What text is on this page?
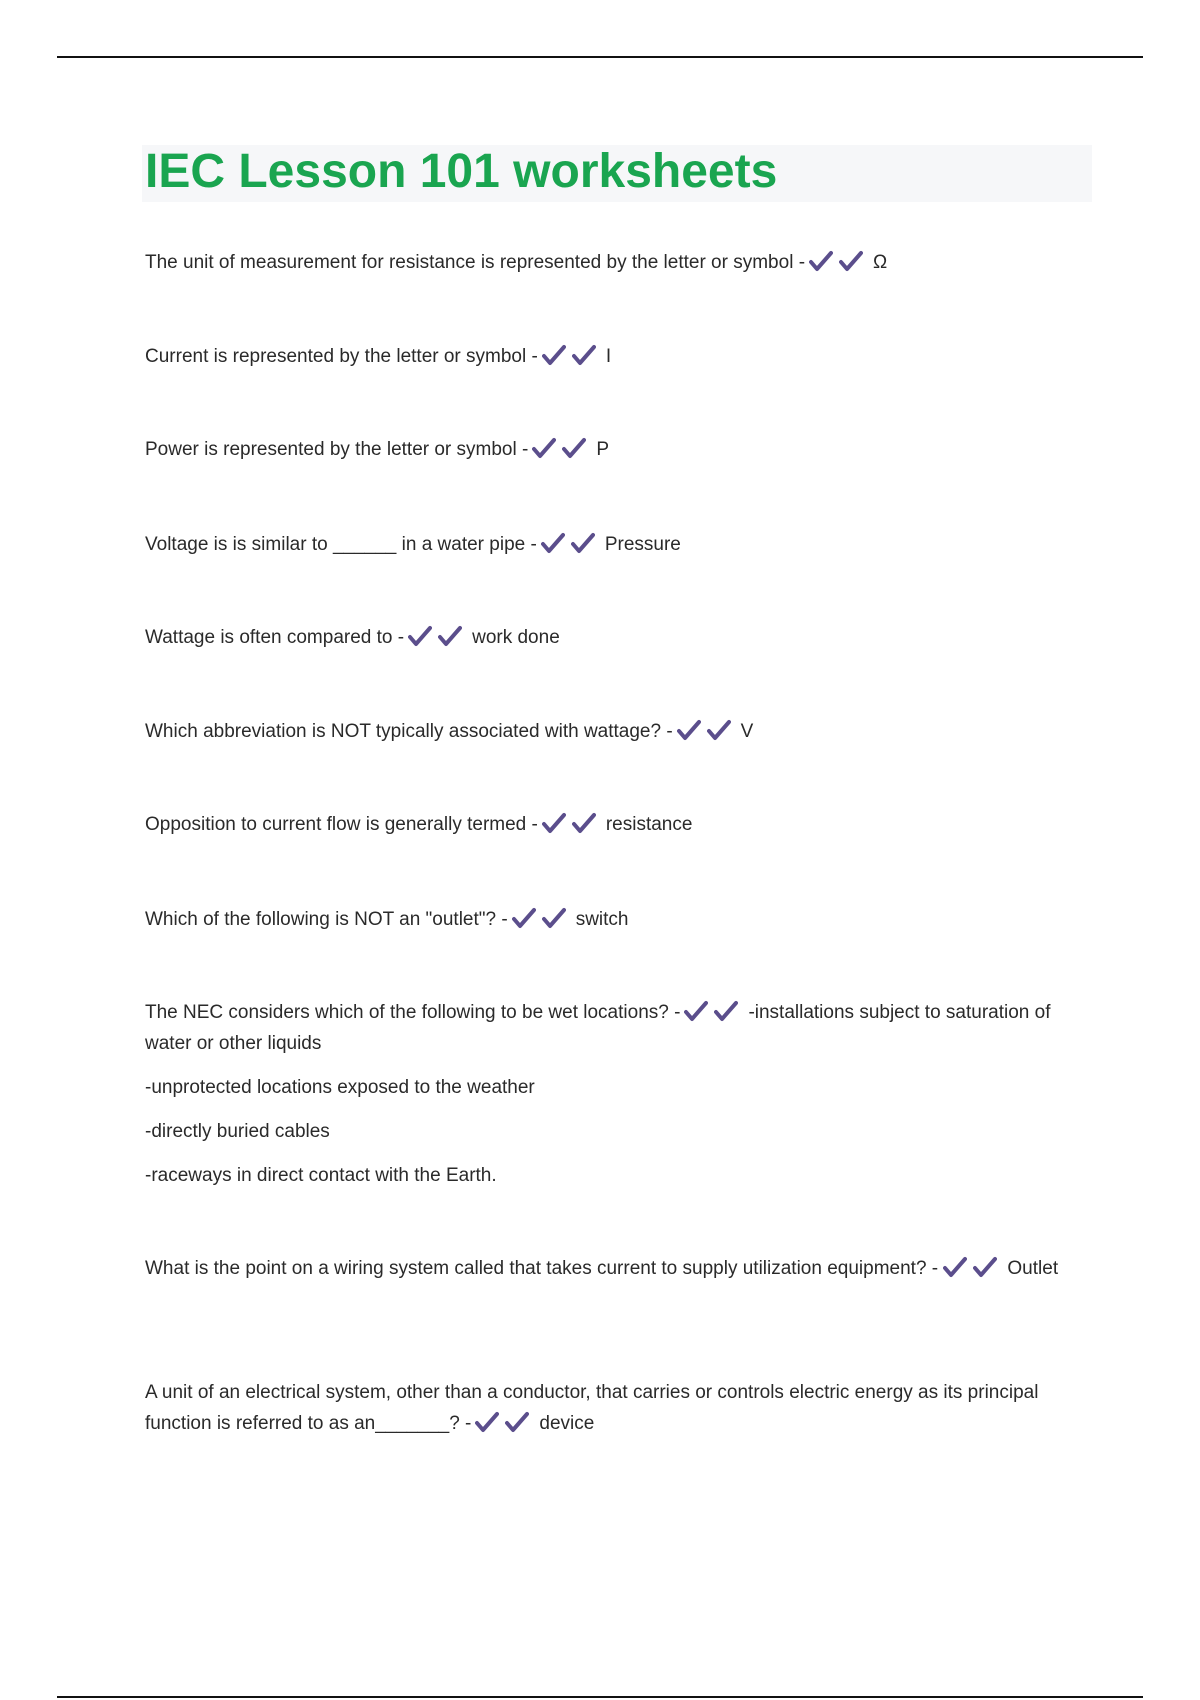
IEC Lesson 101 worksheets

The unit of measurement for resistance is represented by the letter or symbol -	Ω

Current is represented by the letter or symbol -	I

Power is represented by the letter or symbol -	P

Voltage is is similar to ______ in a water pipe -	Pressure

Wattage is often compared to -	work done

Which abbreviation is NOT typically associated with wattage? -	V

Opposition to current flow is generally termed -	resistance

Which of the following is NOT an "outlet"? -	switch

The NEC considers which of the following to be wet locations? -	-installations subject to saturation of water or other liquids

-unprotected locations exposed to the weather

-directly buried cables

-raceways in direct contact with the Earth.

What is the point on a wiring system called that takes current to supply utilization equipment? -	Outlet

A unit of an electrical system, other than a conductor, that carries or controls electric energy as its principal function is referred to as an_______? -	device
